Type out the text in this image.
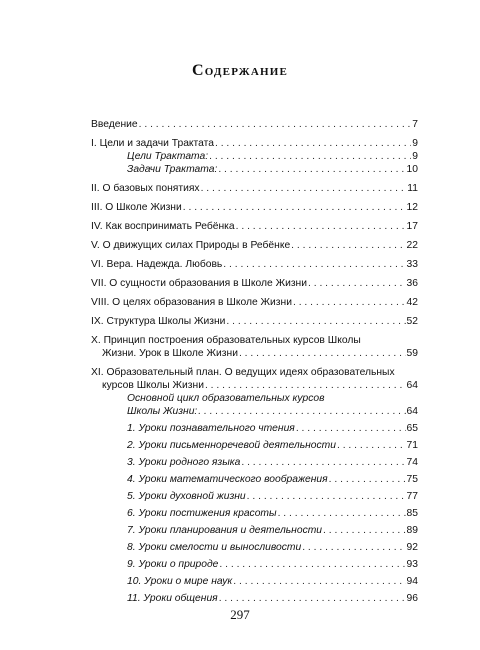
Содержание
Введение . . .	7
I. Цели и задачи Трактата . . .	9
Цели Трактата: . . .	9
Задачи Трактата: . . .	10
II. О базовых понятиях . . .	11
III. О Школе Жизни . . .	12
IV. Как воспринимать Ребёнка . . .	17
V. О движущих силах Природы в Ребёнке . . .	22
VI. Вера. Надежда. Любовь . . .	33
VII. О сущности образования в Школе Жизни . . .	36
VIII. О целях образования в Школе Жизни . . .	42
IX. Структура Школы Жизни . . .	52
X. Принцип построения образовательных курсов Школы
Жизни. Урок в Школе Жизни . . .	59
XI. Образовательный план. О ведущих идеях образовательных
курсов Школы Жизни . . .	64
Основной цикл образовательных курсов
Школы Жизни: . . .	64
1. Уроки познавательного чтения . . .	65
2. Уроки письменноречевой деятельности . . .	71
3. Уроки родного языка . . .	74
4. Уроки математического воображения . . .	75
5. Уроки духовной жизни . . .	77
6. Уроки постижения красоты . . .	85
7. Уроки планирования и деятельности . . .	89
8. Уроки смелости и выносливости . . .	92
9. Уроки о природе . . .	93
10. Уроки о мире наук . . .	94
11. Уроки общения . . .	96
297
